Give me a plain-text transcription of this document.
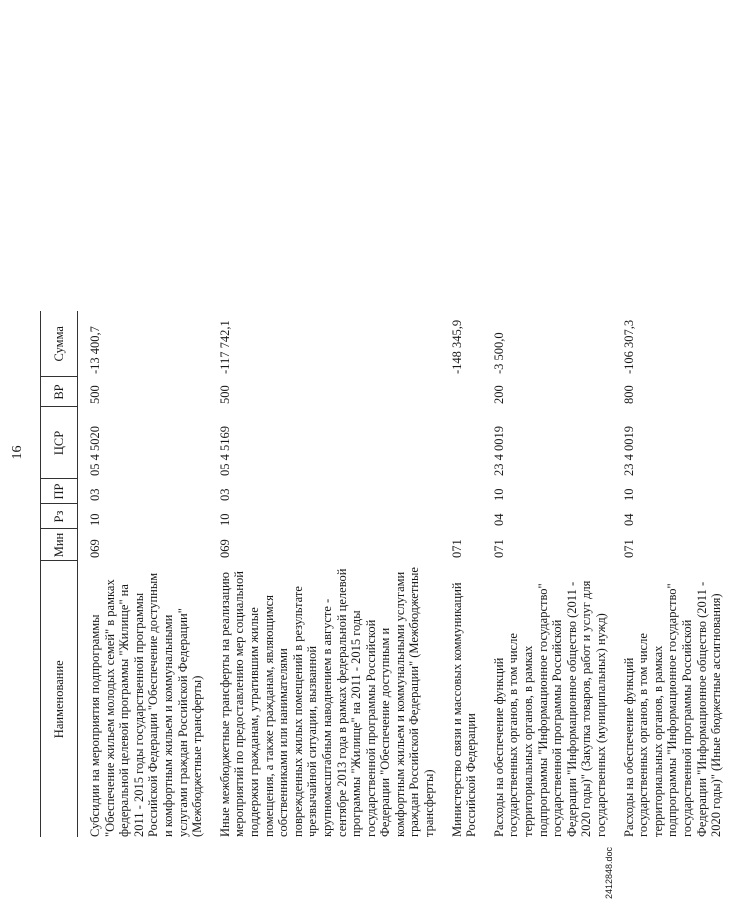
16
Наименование	Мин	Рз	ПР	ЦСР	ВР	Сумма
Субсидии на мероприятия подпрограммы "Обеспечение жильем молодых семей" в рамках федеральной целевой программы "Жилище" на 2011 - 2015 годы государственной программы Российской Федерации "Обеспечение доступным и комфортным жильем и коммунальными услугами граждан Российской Федерации" (Межбюджетные трансферты)	069	10	03	05 4 5020	500	-13 400,7
Иные межбюджетные трансферты на реализацию мероприятий по предоставлению мер социальной поддержки гражданам, утратившим жилые помещения, а также гражданам, являющимся собственниками или нанимателями поврежденных жилых помещений в результате чрезвычайной ситуации, вызванной крупномасштабным наводнением в августе - сентябре 2013 года в рамках федеральной целевой программы "Жилище" на 2011 - 2015 годы государственной программы Российской Федерации "Обеспечение доступным и комфортным жильем и коммунальными услугами граждан Российской Федерации" (Межбюджетные трансферты)	069	10	03	05 4 5169	500	-117 742,1
Министерство связи и массовых коммуникаций Российской Федерации	071					-148 345,9
Расходы на обеспечение функций государственных органов, в том числе территориальных органов, в рамках подпрограммы "Информационное государство" государственной программы Российской Федерации "Информационное общество (2011 - 2020 годы)" (Закупка товаров, работ и услуг для государственных (муниципальных) нужд)	071	04	10	23 4 0019	200	-3 500,0
Расходы на обеспечение функций государственных органов, в том числе территориальных органов, в рамках подпрограммы "Информационное государство" государственной программы Российской Федерации "Информационное общество (2011 - 2020 годы)" (Иные бюджетные ассигнования)	071	04	10	23 4 0019	800	-106 307,3
2412848.doc
